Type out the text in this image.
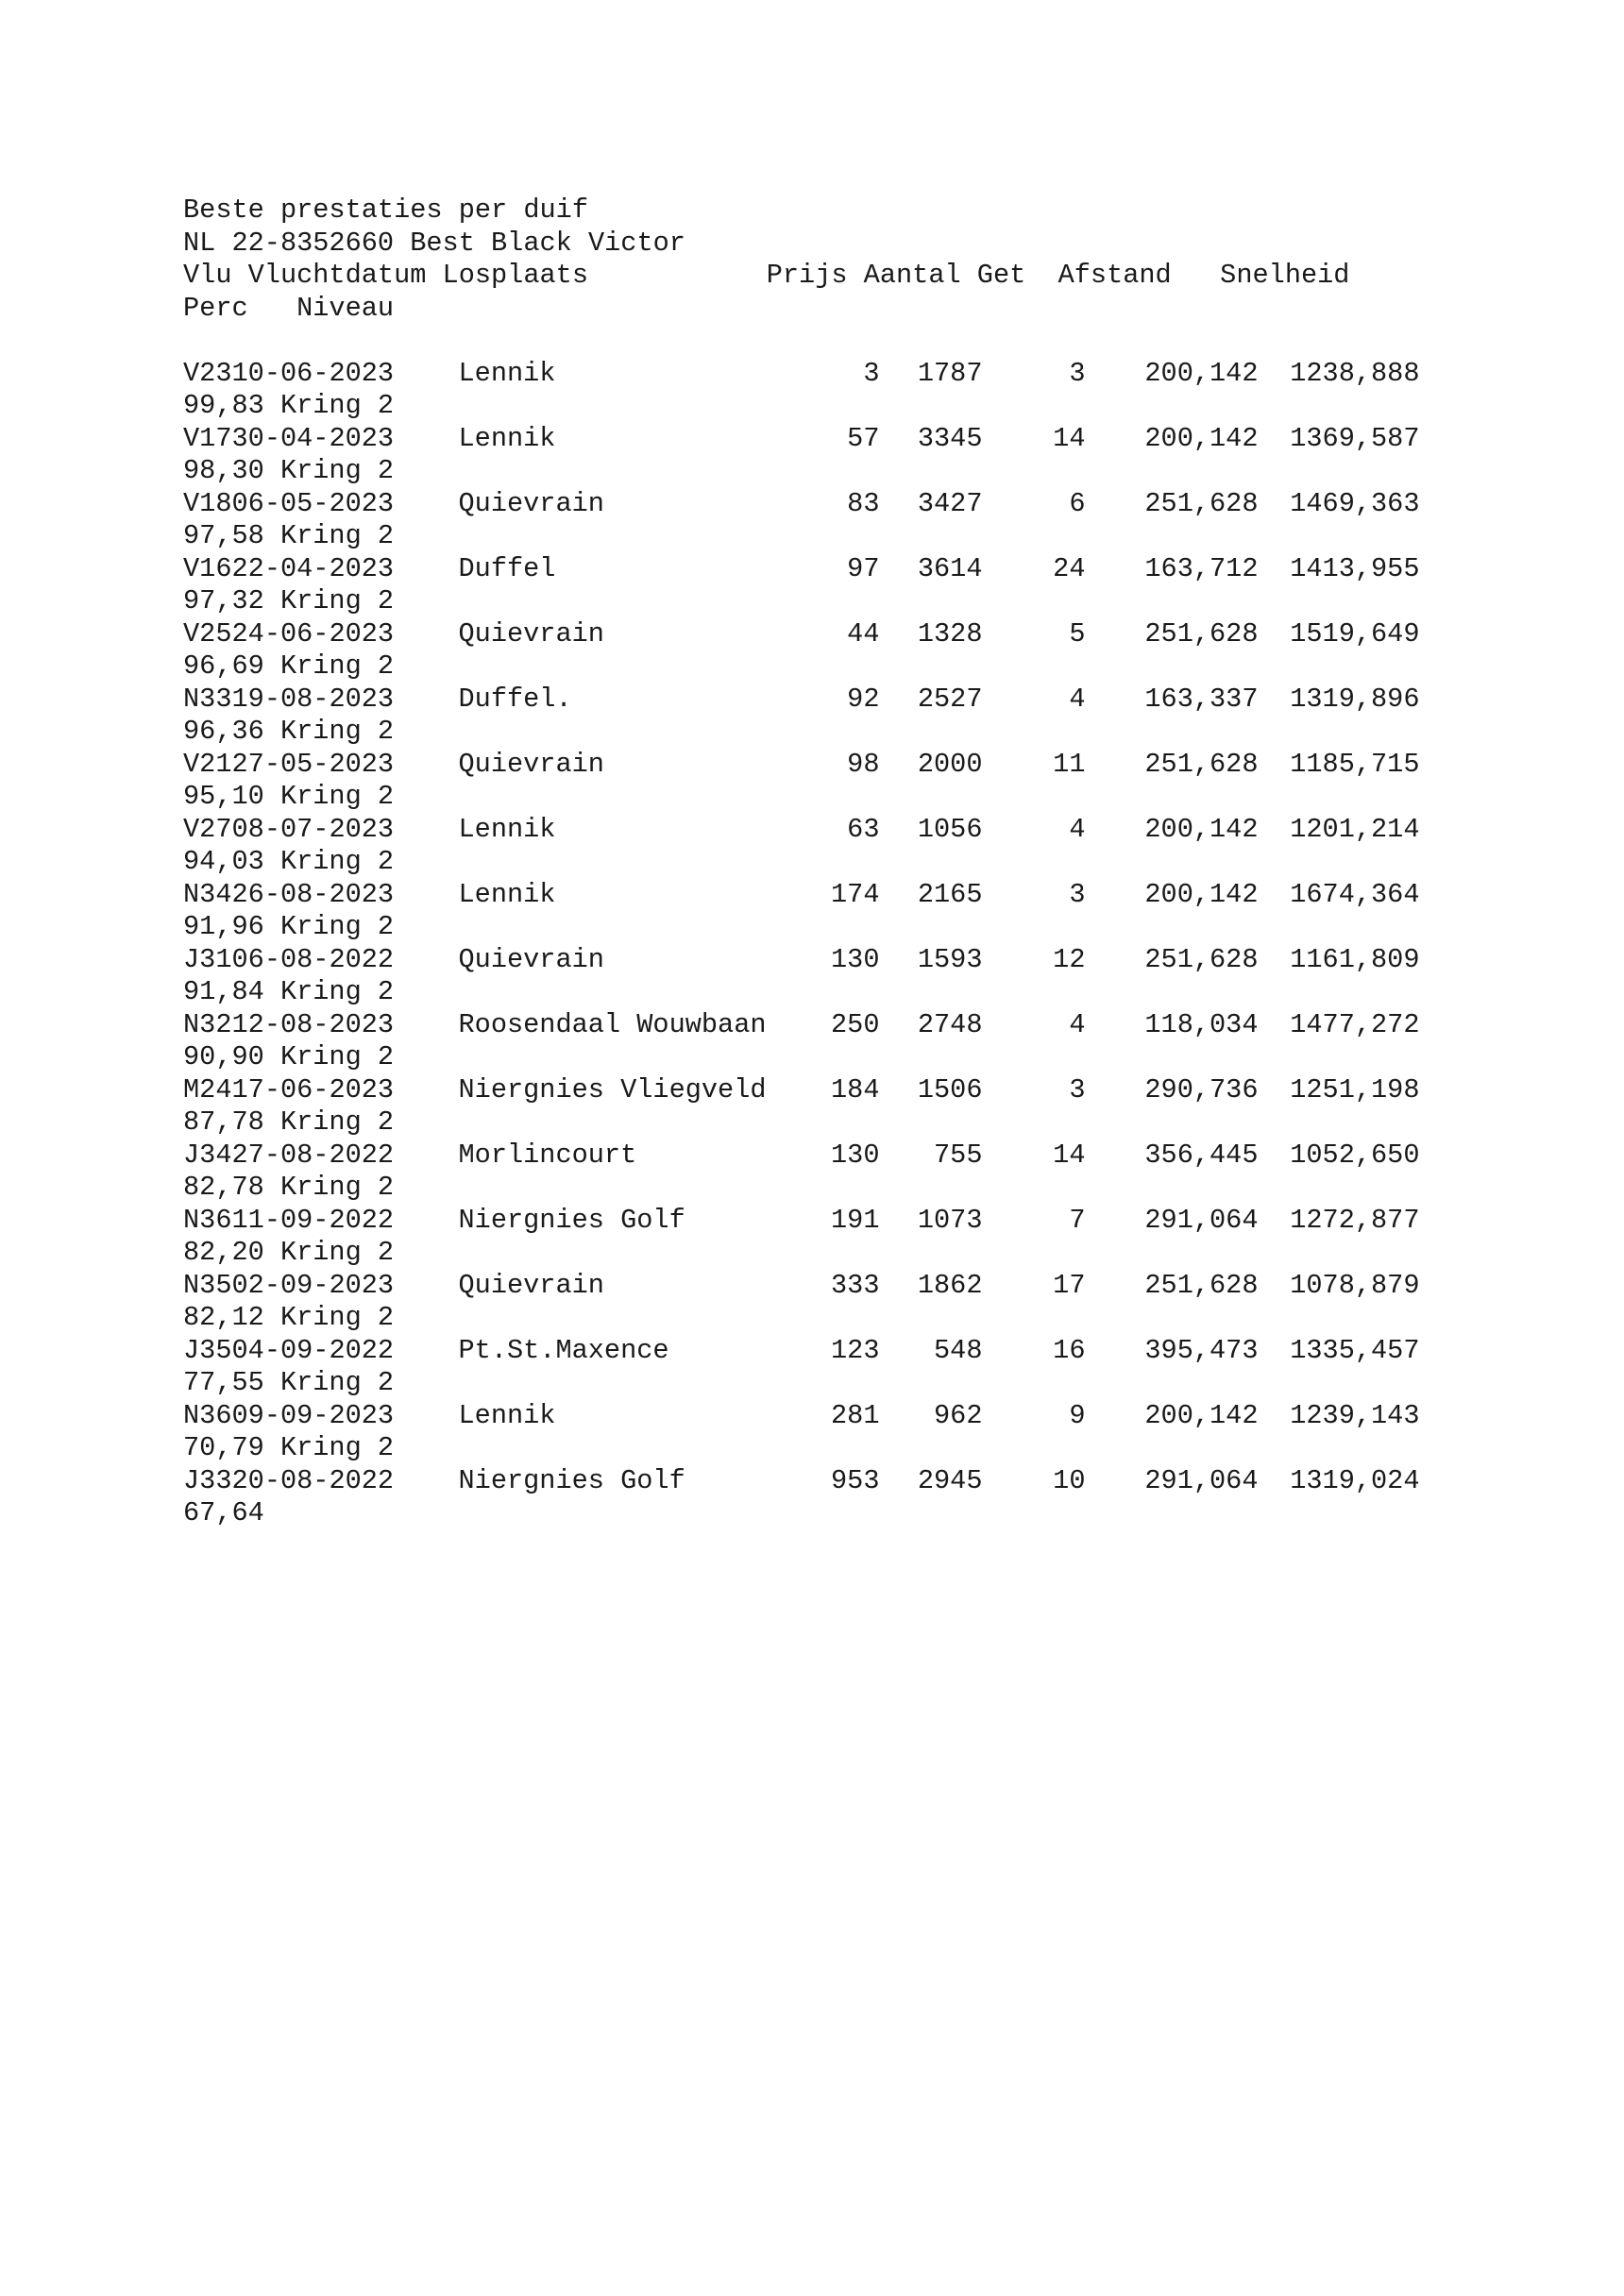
Beste prestaties per duif
NL 22-8352660 Best Black Victor
Vlu Vluchtdatum Losplaats           Prijs Aantal Get  Afstand   Snelheid
Perc   Niveau
V2310-06-2023 Lennik	3 1787	3 200,142 1238,888
99,83 Kring 2
V1730-04-2023 Lennik	57 3345	14 200,142 1369,587
98,30 Kring 2
V1806-05-2023 Quievrain	83 3427	6 251,628 1469,363
97,58 Kring 2
V1622-04-2023 Duffel	97 3614	24 163,712 1413,955
97,32 Kring 2
V2524-06-2023 Quievrain	44 1328	5 251,628 1519,649
96,69 Kring 2
N3319-08-2023 Duffel.	92 2527	4 163,337 1319,896
96,36 Kring 2
V2127-05-2023 Quievrain	98 2000	11 251,628 1185,715
95,10 Kring 2
V2708-07-2023 Lennik	63 1056	4 200,142 1201,214
94,03 Kring 2
N3426-08-2023 Lennik	174 2165	3 200,142 1674,364
91,96 Kring 2
J3106-08-2022 Quievrain	130 1593	12 251,628 1161,809
91,84 Kring 2
N3212-08-2023 Roosendaal Wouwbaan 250 2748	4 118,034 1477,272
90,90 Kring 2
M2417-06-2023 Niergnies Vliegveld 184 1506	3 290,736 1251,198
87,78 Kring 2
J3427-08-2022 Morlincourt	130 755	14 356,445 1052,650
82,78 Kring 2
N3611-09-2022 Niergnies Golf	191 1073	7 291,064 1272,877
82,20 Kring 2
N3502-09-2023 Quievrain	333 1862	17 251,628 1078,879
82,12 Kring 2
J3504-09-2022 Pt.St.Maxence	123 548	16 395,473 1335,457
77,55 Kring 2
N3609-09-2023 Lennik	281 962	9 200,142 1239,143
70,79 Kring 2
J3320-08-2022 Niergnies Golf	953 2945	10 291,064 1319,024
67,64
